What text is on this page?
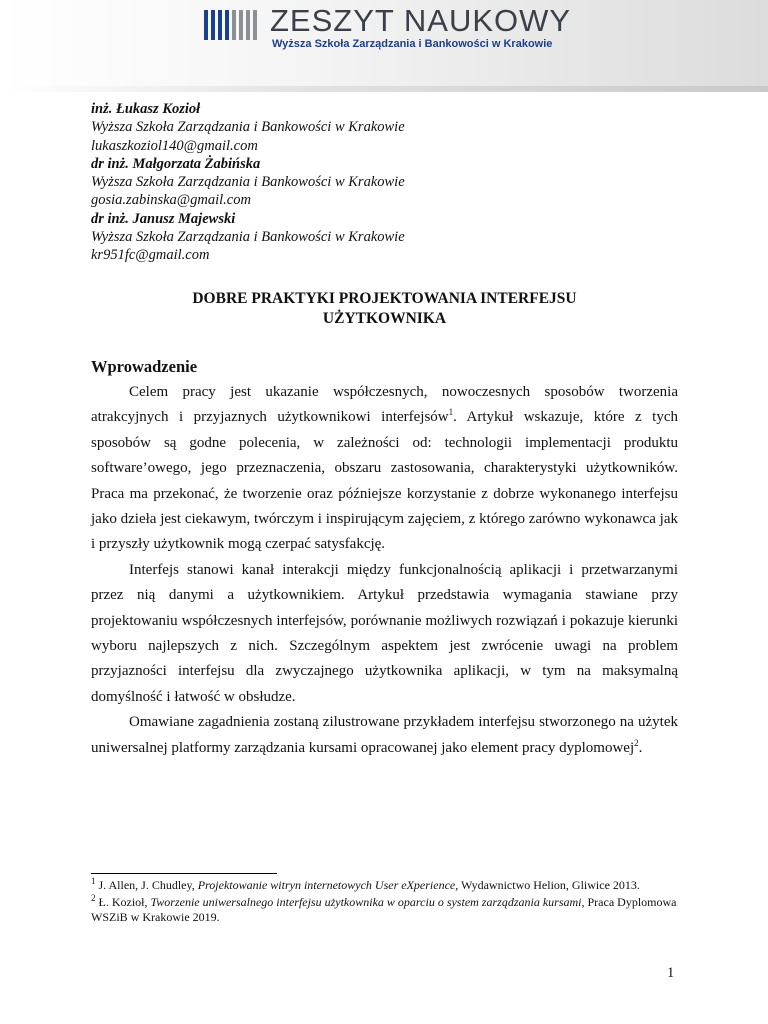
ZESZYT NAUKOWY
Wyższa Szkoła Zarządzania i Bankowości w Krakowie
inż. Łukasz Kozioł
Wyższa Szkoła Zarządzania i Bankowości w Krakowie
lukaszkoziol140@gmail.com
dr inż. Małgorzata Żabińska
Wyższa Szkoła Zarządzania i Bankowości w Krakowie
gosia.zabinska@gmail.com
dr inż. Janusz Majewski
Wyższa Szkoła Zarządzania i Bankowości w Krakowie
kr951fc@gmail.com
DOBRE PRAKTYKI PROJEKTOWANIA INTERFEJSU
UŻYTKOWNIKA
Wprowadzenie

Celem pracy jest ukazanie współczesnych, nowoczesnych sposobów tworzenia atrakcyjnych i przyjaznych użytkownikowi interfejsów$^1$. Artykuł wskazuje, które z tych sposobów są godne polecenia, w zależności od: technologii implementacji produktu software’owego, jego przeznaczenia, obszaru zastosowania, charakterystyki użytkowników. Praca ma przekonać, że tworzenie oraz późniejsze korzystanie z dobrze wykonanego interfejsu jako dzieła jest ciekawym, twórczym i inspirującym zajęciem, z którego zarówno wykonawca jak i przyszły użytkownik mogą czerpać satysfakcję.

Interfejs stanowi kanał interakcji między funkcjonalnością aplikacji i przetwarzanymi przez nią danymi a użytkownikiem. Artykuł przedstawia wymagania stawiane przy projektowaniu współczesnych interfejsów, porównanie możliwych rozwiązań i pokazuje kierunki wyboru najlepszych z nich. Szczególnym aspektem jest zwrócenie uwagi na problem przyjazności interfejsu dla zwyczajnego użytkownika aplikacji, w tym na maksymalną domyślność i łatwość w obsłudze.

Omawiane zagadnienia zostaną zilustrowane przykładem interfejsu stworzonego na użytek uniwersalnej platformy zarządzania kursami opracowanej jako element pracy dyplomowej$^2$.

$^1$ J. Allen, J. Chudley, Projektowanie witryn internetowych User eXperience, Wydawnictwo Helion, Gliwice 2013.

$^2$ Ł. Kozioł, Tworzenie uniwersalnego interfejsu użytkownika w oparciu o system zarządzania kursami, Praca Dyplomowa WSZiB w Krakowie 2019.

1
